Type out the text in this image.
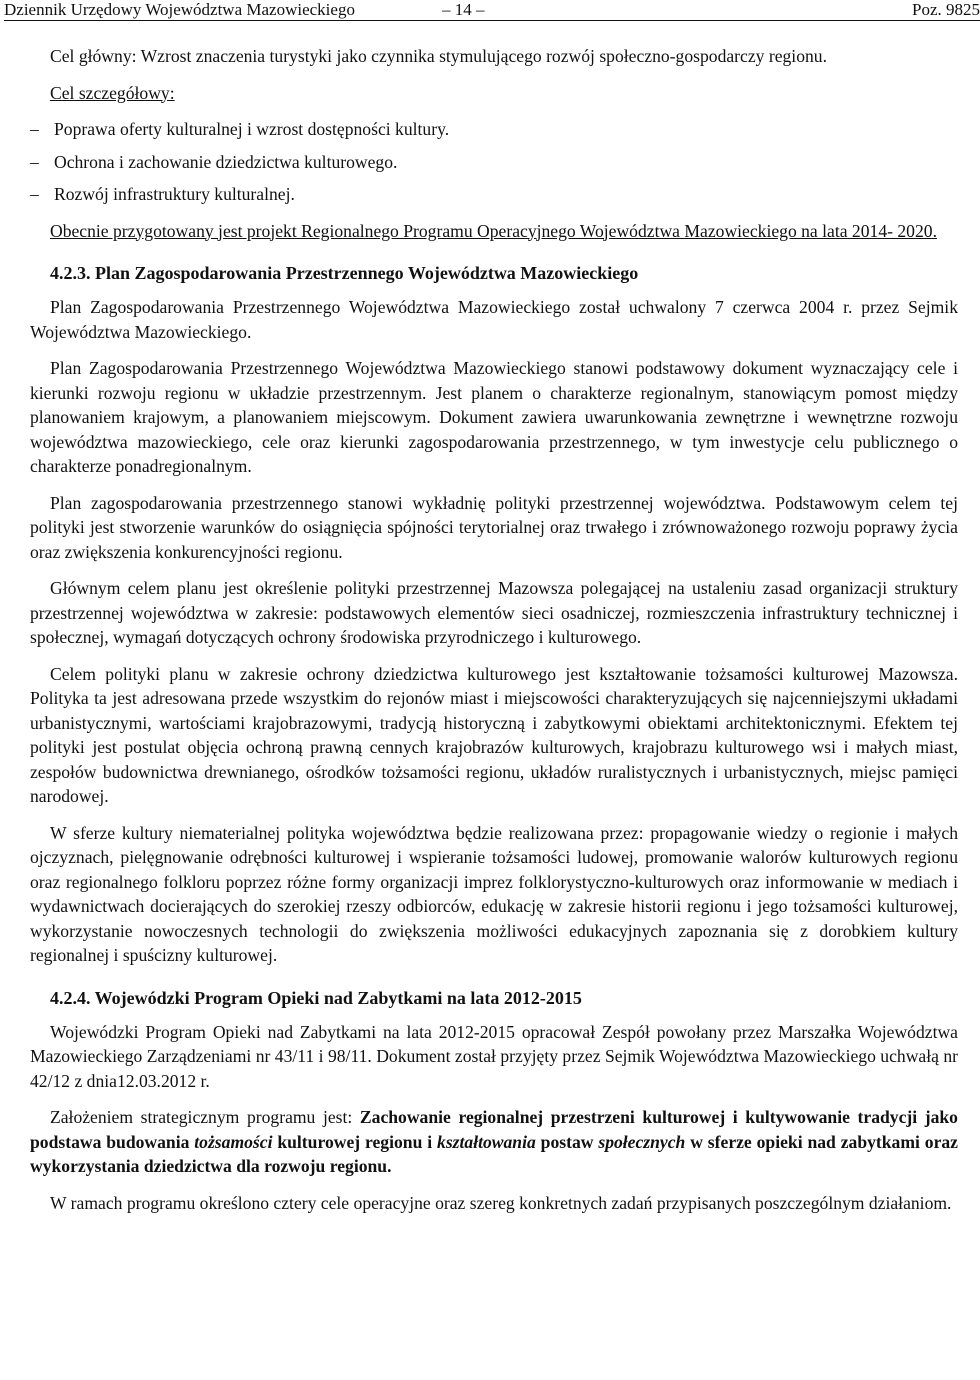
Dziennik Urzędowy Województwa Mazowieckiego	– 14 –	Poz. 9825

Cel główny: Wzrost znaczenia turystyki jako czynnika stymulującego rozwój społeczno-gospodarczy regionu.

Cel szczegółowy:

– Poprawa oferty kulturalnej i wzrost dostępności kultury.
– Ochrona i zachowanie dziedzictwa kulturowego.
– Rozwój infrastruktury kulturalnej.

Obecnie przygotowany jest projekt Regionalnego Programu Operacyjnego Województwa Mazowieckiego na lata 2014- 2020.

4.2.3. Plan Zagospodarowania Przestrzennego Województwa Mazowieckiego

Plan Zagospodarowania Przestrzennego Województwa Mazowieckiego został uchwalony 7 czerwca 2004 r. przez Sejmik Województwa Mazowieckiego.

Plan Zagospodarowania Przestrzennego Województwa Mazowieckiego stanowi podstawowy dokument wyznaczający cele i kierunki rozwoju regionu w układzie przestrzennym. Jest planem o charakterze regionalnym, stanowiącym pomost między planowaniem krajowym, a planowaniem miejscowym. Dokument zawiera uwarunkowania zewnętrzne i wewnętrzne rozwoju województwa mazowieckiego, cele oraz kierunki zagospodarowania przestrzennego, w tym inwestycje celu publicznego o charakterze ponadregionalnym.

Plan zagospodarowania przestrzennego stanowi wykładnię polityki przestrzennej województwa. Podstawowym celem tej polityki jest stworzenie warunków do osiągnięcia spójności terytorialnej oraz trwałego i zrównoważonego rozwoju poprawy życia oraz zwiększenia konkurencyjności regionu.

Głównym celem planu jest określenie polityki przestrzennej Mazowsza polegającej na ustaleniu zasad organizacji struktury przestrzennej województwa w zakresie: podstawowych elementów sieci osadniczej, rozmieszczenia infrastruktury technicznej i społecznej, wymagań dotyczących ochrony środowiska przyrodniczego i kulturowego.

Celem polityki planu w zakresie ochrony dziedzictwa kulturowego jest kształtowanie tożsamości kulturowej Mazowsza. Polityka ta jest adresowana przede wszystkim do rejonów miast i miejscowości charakteryzujących się najcenniejszymi układami urbanistycznymi, wartościami krajobrazowymi, tradycją historyczną i zabytkowymi obiektami architektonicznymi. Efektem tej polityki jest postulat objęcia ochroną prawną cennych krajobrazów kulturowych, krajobrazu kulturowego wsi i małych miast, zespołów budownictwa drewnianego, ośrodków tożsamości regionu, układów ruralistycznych i urbanistycznych, miejsc pamięci narodowej.

W sferze kultury niematerialnej polityka województwa będzie realizowana przez: propagowanie wiedzy o regionie i małych ojczyznach, pielęgnowanie odrębności kulturowej i wspieranie tożsamości ludowej, promowanie walorów kulturowych regionu oraz regionalnego folkloru poprzez różne formy organizacji imprez folklorystyczno-kulturowych oraz informowanie w mediach i wydawnictwach docierających do szerokiej rzeszy odbiorców, edukację w zakresie historii regionu i jego tożsamości kulturowej, wykorzystanie nowoczesnych technologii do zwiększenia możliwości edukacyjnych zapoznania się z dorobkiem kultury regionalnej i spuścizny kulturowej.

4.2.4. Wojewódzki Program Opieki nad Zabytkami na lata 2012-2015

Wojewódzki Program Opieki nad Zabytkami na lata 2012-2015 opracował Zespół powołany przez Marszałka Województwa Mazowieckiego Zarządzeniami nr 43/11 i 98/11. Dokument został przyjęty przez Sejmik Województwa Mazowieckiego uchwałą nr 42/12 z dnia12.03.2012 r.

Założeniem strategicznym programu jest: Zachowanie regionalnej przestrzeni kulturowej i kultywowanie tradycji jako podstawa budowania tożsamości kulturowej regionu i kształtowania postaw społecznych w sferze opieki nad zabytkami oraz wykorzystania dziedzictwa dla rozwoju regionu.

W ramach programu określono cztery cele operacyjne oraz szereg konkretnych zadań przypisanych poszczególnym działaniom.
